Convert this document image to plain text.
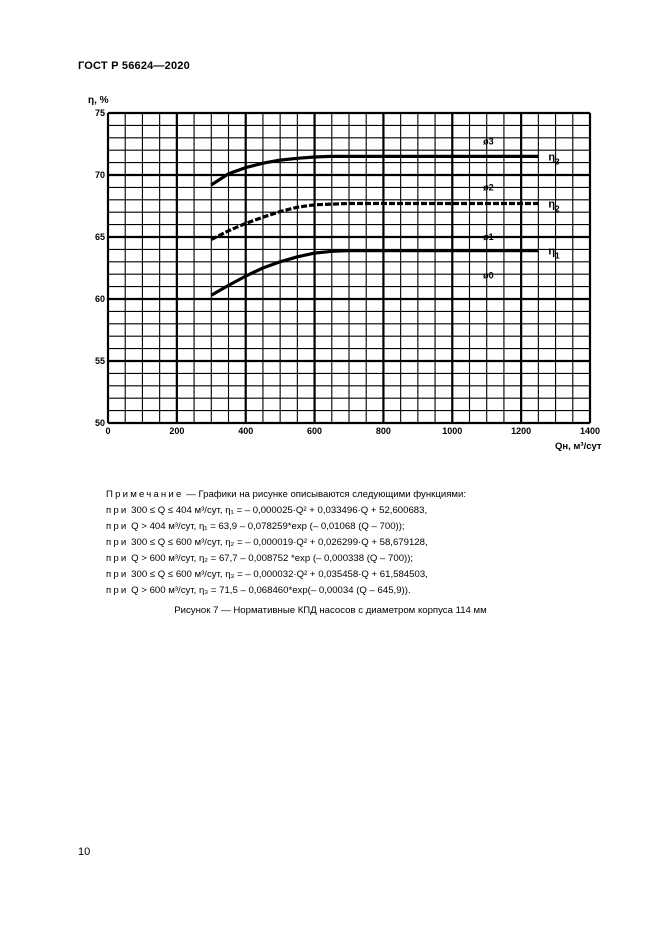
ГОСТ Р 56624—2020
0	200	400	600	800	1000	1200	1400
50
55
60
65
70
75
$\eta_1$
$\eta_2$
$\eta_3$
ø0
ø1
ø2
ø3
η, %
Qн, м³/сут
Примечание — Графики на рисунке описываются следующими функциями:
при 300 ≤ Q ≤ 404 м³/сут, η₁ = – 0,000025·Q² + 0,033496·Q + 52,600683,
при Q > 404 м³/сут, η₁ = 63,9 – 0,078259*exp (– 0,01068 (Q – 700));
при 300 ≤ Q ≤ 600 м³/сут, η₂ = – 0,000019·Q² + 0,026299·Q + 58,679128,
при Q > 600 м³/сут, η₂ = 67,7 – 0,008752 *exp (– 0,000338 (Q – 700));
при 300 ≤ Q ≤ 600 м³/сут, η₃ = – 0,000032·Q² + 0,035458·Q + 61,584503,
при Q > 600 м³/сут, η₃ = 71,5 – 0,068460*exp(– 0,00034 (Q – 645,9)).
Рисунок 7 — Нормативные КПД насосов с диаметром корпуса 114 мм
10
